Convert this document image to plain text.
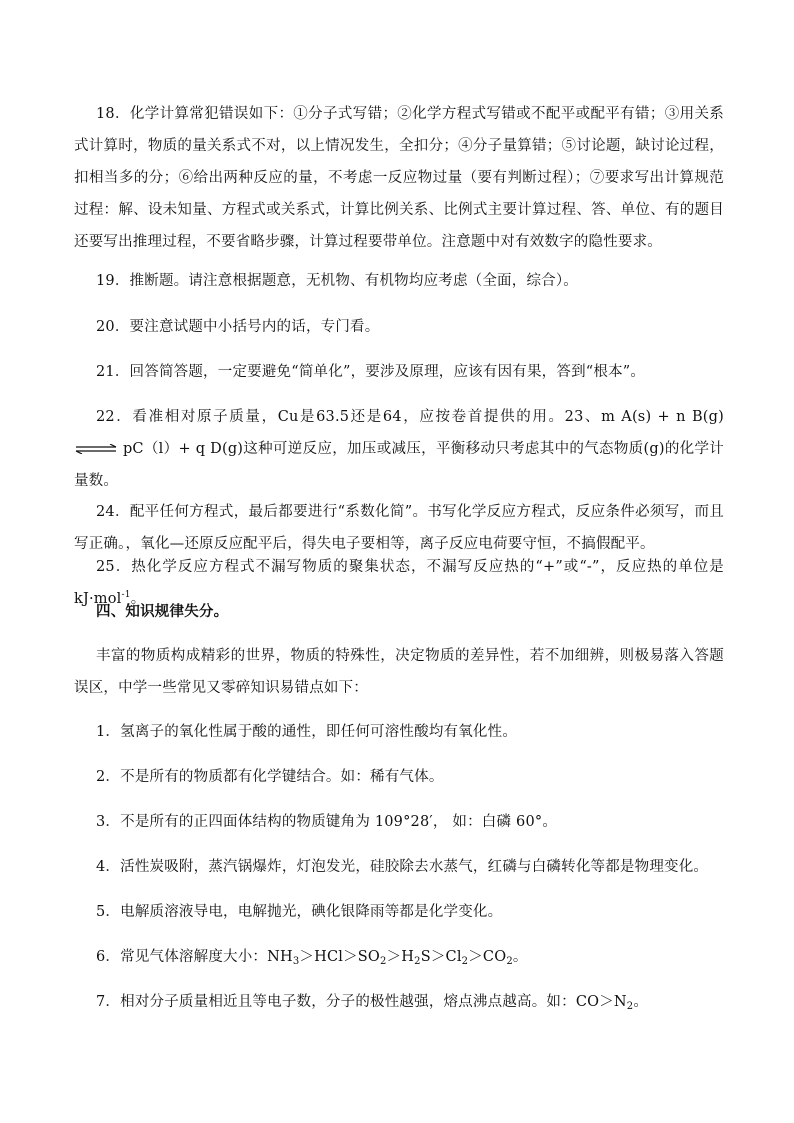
18．化学计算常犯错误如下：①分子式写错；②化学方程式写错或不配平或配平有错；③用关系式计算时，物质的量关系式不对，以上情况发生，全扣分；④分子量算错；⑤讨论题，缺讨论过程，扣相当多的分；⑥给出两种反应的量，不考虑一反应物过量（要有判断过程）；⑦要求写出计算规范过程：解、设未知量、方程式或关系式，计算比例关系、比例式主要计算过程、答、单位、有的题目还要写出推理过程，不要省略步骤，计算过程要带单位。注意题中对有效数字的隐性要求。

19．推断题。请注意根据题意，无机物、有机物均应考虑（全面，综合）。

20．要注意试题中小括号内的话，专门看。

21．回答简答题，一定要避免“简单化”，要涉及原理，应该有因有果，答到“根本”。

22．看准相对原子质量，Cu是63.5还是64，应按卷首提供的用。23、m A(s) + n B(g) ⇌ pC（l）+ q D(g)这种可逆反应，加压或减压，平衡移动只考虑其中的气态物质(g)的化学计量数。

24．配平任何方程式，最后都要进行“系数化简”。书写化学反应方程式，反应条件必须写，而且写正确。，氧化—还原反应配平后，得失电子要相等，离子反应电荷要守恒，不搞假配平。

25．热化学反应方程式不漏写物质的聚集状态，不漏写反应热的“+”或“-”，反应热的单位是 kJ·mol$^{-1}$。

四、知识规律失分。

丰富的物质构成精彩的世界，物质的特殊性，决定物质的差异性，若不加细辨，则极易落入答题误区，中学一些常见又零碎知识易错点如下：

1．氢离子的氧化性属于酸的通性，即任何可溶性酸均有氧化性。

2．不是所有的物质都有化学键结合。如：稀有气体。

3．不是所有的正四面体结构的物质键角为 109°28′， 如：白磷 60°。

4．活性炭吸附，蒸汽锅爆炸，灯泡发光，硅胶除去水蒸气，红磷与白磷转化等都是物理变化。

5．电解质溶液导电，电解抛光，碘化银降雨等都是化学变化。

6．常见气体溶解度大小：$NH_3>HCl>SO_2>H_2S>Cl_2>CO_2$。

7．相对分子质量相近且等电子数，分子的极性越强，熔点沸点越高。如：$CO>N_2$。
